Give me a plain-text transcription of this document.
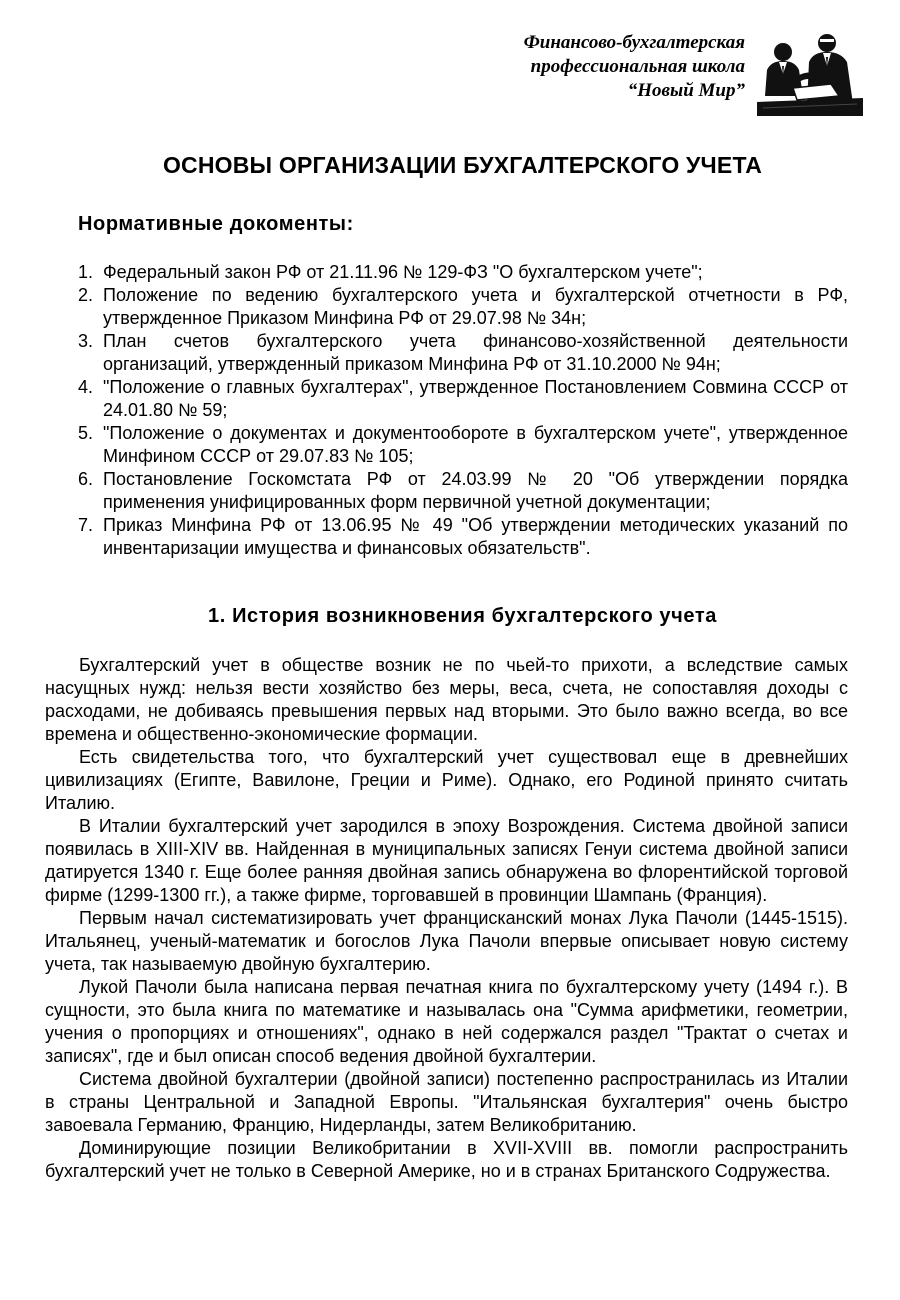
Финансово-бухгалтерская
профессиональная школа
“Новый Мир”
ОСНОВЫ ОРГАНИЗАЦИИ БУХГАЛТЕРСКОГО УЧЕТА
Нормативные докоменты:
1. Федеральный закон РФ от 21.11.96 № 129-ФЗ "О бухгалтерском учете";
2. Положение по ведению бухгалтерского учета и бухгалтерской отчетности в РФ, утвержденное Приказом Минфина РФ от 29.07.98 № 34н;
3. План счетов бухгалтерского учета финансово-хозяйственной деятельности организаций, утвержденный приказом Минфина РФ от 31.10.2000 № 94н;
4. "Положение о главных бухгалтерах", утвержденное Постановлением Совмина СССР от 24.01.80 № 59;
5. "Положение о документах и документообороте в бухгалтерском учете", утвержденное Минфином СССР от 29.07.83 № 105;
6. Постановление Госкомстата РФ от 24.03.99 № 20 "Об утверждении порядка применения унифицированных форм первичной учетной документации;
7. Приказ Минфина РФ от 13.06.95 № 49 "Об утверждении методических указаний по инвентаризации имущества и финансовых обязательств".
1. История возникновения бухгалтерского учета

Бухгалтерский учет в обществе возник не по чьей-то прихоти, а вследствие самых насущных нужд: нельзя вести хозяйство без меры, веса, счета, не сопоставляя доходы с расходами, не добиваясь превышения первых над вторыми. Это было важно всегда, во все времена и общественно-экономические формации.

Есть свидетельства того, что бухгалтерский учет существовал еще в древнейших цивилизациях (Египте, Вавилоне, Греции и Риме). Однако, его Родиной принято считать Италию.

В Италии бухгалтерский учет зародился в эпоху Возрождения. Система двойной записи появилась в XIII-XIV вв. Найденная в муниципальных записях Генуи система двойной записи датируется 1340 г. Еще более ранняя двойная запись обнаружена во флорентийской торговой фирме (1299-1300 гг.), а также фирме, торговавшей в провинции Шампань (Франция).

Первым начал систематизировать учет францисканский монах Лука Пачоли (1445-1515). Итальянец, ученый-математик и богослов Лука Пачоли впервые описывает новую систему учета, так называемую двойную бухгалтерию.

Лукой Пачоли была написана первая печатная книга по бухгалтерскому учету (1494 г.). В сущности, это была книга по математике и называлась она "Сумма арифметики, геометрии, учения о пропорциях и отношениях", однако в ней содержался раздел "Трактат о счетах и записях", где и был описан способ ведения двойной бухгалтерии.

Система двойной бухгалтерии (двойной записи) постепенно распространилась из Италии в страны Центральной и Западной Европы. "Итальянская бухгалтерия" очень быстро завоевала Германию, Францию, Нидерланды, затем Великобританию.

Доминирующие позиции Великобритании в XVII-XVIII вв. помогли распространить бухгалтерский учет не только в Северной Америке, но и в странах Британского Содружества.
